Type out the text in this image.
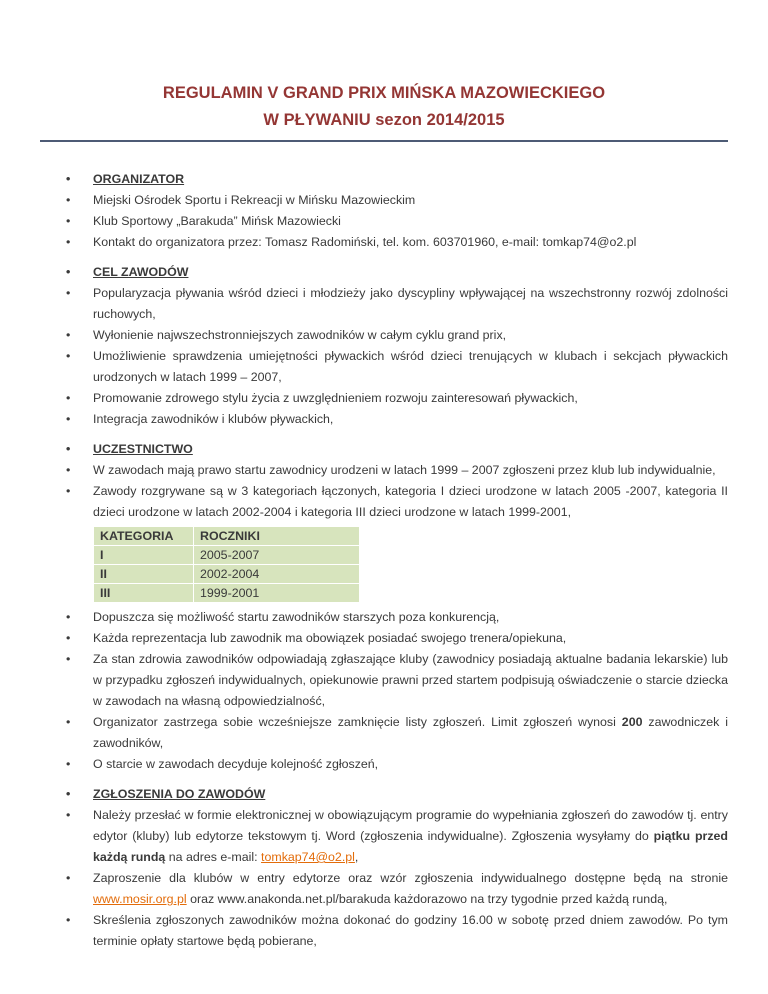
REGULAMIN V GRAND PRIX MIŃSKA MAZOWIECKIEGO
W PŁYWANIU sezon 2014/2015
• ORGANIZATOR
• Miejski Ośrodek Sportu i Rekreacji w Mińsku Mazowieckim
• Klub Sportowy „Barakuda” Mińsk Mazowiecki
• Kontakt do organizatora przez: Tomasz Radomiński, tel. kom. 603701960, e-mail: tomkap74@o2.pl
• CEL ZAWODÓW
• Popularyzacja pływania wśród dzieci i młodzieży jako dyscypliny wpływającej na wszechstronny rozwój zdolności ruchowych,
• Wyłonienie najwszechstronniejszych zawodników w całym cyklu grand prix,
• Umożliwienie sprawdzenia umiejętności pływackich wśród dzieci trenujących w klubach i sekcjach pływackich urodzonych w latach 1999 – 2007,
• Promowanie zdrowego stylu życia z uwzględnieniem rozwoju zainteresowań pływackich,
• Integracja zawodników i klubów pływackich,
• UCZESTNICTWO
• W zawodach mają prawo startu zawodnicy urodzeni w latach 1999 – 2007 zgłoszeni przez klub lub indywidualnie,
• Zawody rozgrywane są w 3 kategoriach łączonych, kategoria I dzieci urodzone w latach 2005 -2007, kategoria II dzieci urodzone w latach 2002-2004 i kategoria III dzieci urodzone w latach 1999-2001,
KATEGORIA	ROCZNIKI
I	2005-2007
II	2002-2004
III	1999-2001
• Dopuszcza się możliwość startu zawodników starszych poza konkurencją,
• Każda reprezentacja lub zawodnik ma obowiązek posiadać swojego trenera/opiekuna,
• Za stan zdrowia zawodników odpowiadają zgłaszające kluby (zawodnicy posiadają aktualne badania lekarskie) lub w przypadku zgłoszeń indywidualnych, opiekunowie prawni przed startem podpisują oświadczenie o starcie dziecka w zawodach na własną odpowiedzialność,
• Organizator zastrzega sobie wcześniejsze zamknięcie listy zgłoszeń. Limit zgłoszeń wynosi 200 zawodniczek i zawodników,
• O starcie w zawodach decyduje kolejność zgłoszeń,
• ZGŁOSZENIA DO ZAWODÓW
• Należy przesłać w formie elektronicznej w obowiązującym programie do wypełniania zgłoszeń do zawodów tj. entry edytor (kluby) lub edytorze tekstowym tj. Word (zgłoszenia indywidualne). Zgłoszenia wysyłamy do piątku przed każdą rundą na adres e-mail: tomkap74@o2.pl,
• Zaproszenie dla klubów w entry edytorze oraz wzór zgłoszenia indywidualnego dostępne będą na stronie www.mosir.org.pl oraz www.anakonda.net.pl/barakuda każdorazowo na trzy tygodnie przed każdą rundą,
• Skreślenia zgłoszonych zawodników można dokonać do godziny 16.00 w sobotę przed dniem zawodów. Po tym terminie opłaty startowe będą pobierane,
